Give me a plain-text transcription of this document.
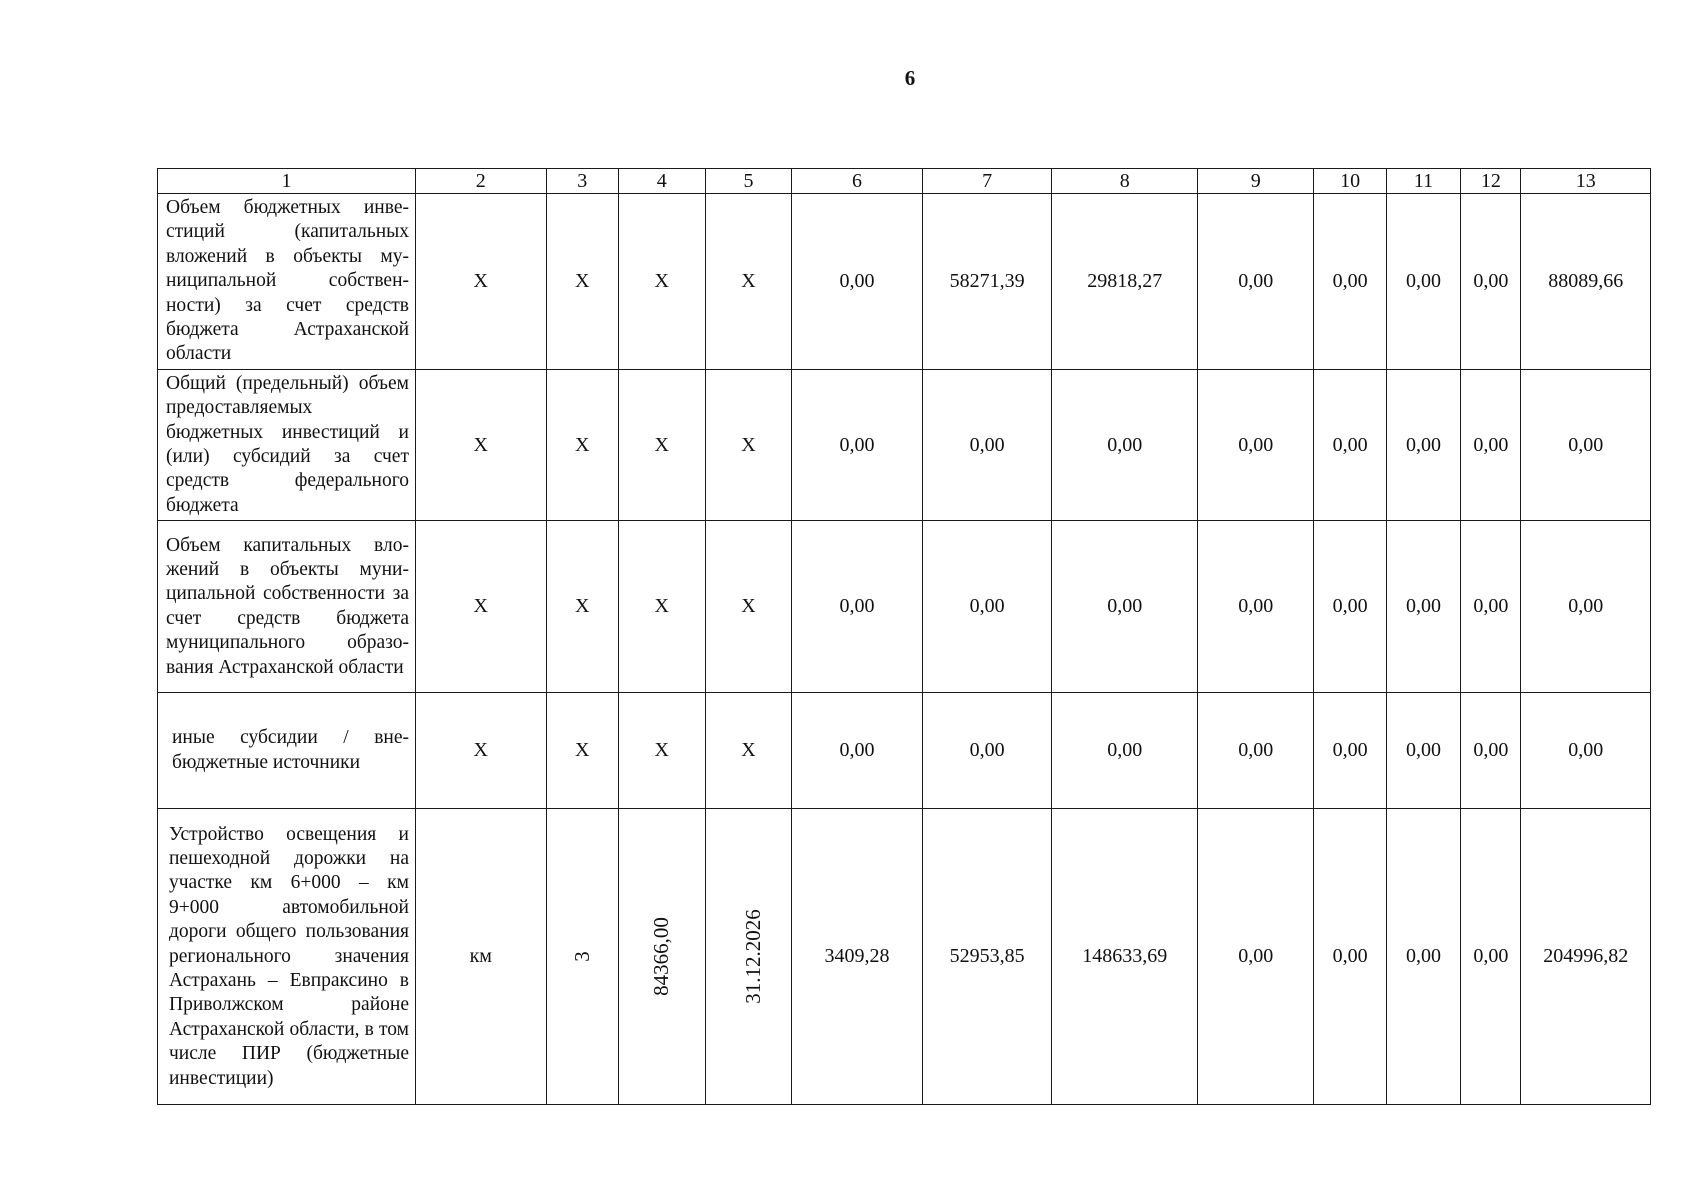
6
1	2	3	4	5	6	7	8	9	10	11	12	13
Объем бюджетных инвестиций (капитальных вложений в объекты муниципальной собственности) за счет средств бюджета Астраханской области	Х	Х	Х	Х	0,00	58271,39	29818,27	0,00	0,00	0,00	0,00	88089,66
Общий (предельный) объем предоставляемых бюджетных инвестиций и (или) субсидий за счет средств федерального бюджета	Х	Х	Х	Х	0,00	0,00	0,00	0,00	0,00	0,00	0,00	0,00
Объем капитальных вложений в объекты муниципальной собственности за счет средств бюджета муниципального образования Астраханской области	Х	Х	Х	Х	0,00	0,00	0,00	0,00	0,00	0,00	0,00	0,00
иные субсидии / внебюджетные источники	Х	Х	Х	Х	0,00	0,00	0,00	0,00	0,00	0,00	0,00	0,00
Устройство освещения и пешеходной дорожки на участке км 6+000 – км 9+000 автомобильной дороги общего пользования регионального значения Астрахань – Евпраксино в Приволжском районе Астраханской области, в том числе ПИР (бюджетные инвестиции)	км	3	84366,00	31.12.2026	3409,28	52953,85	148633,69	0,00	0,00	0,00	0,00	204996,82
